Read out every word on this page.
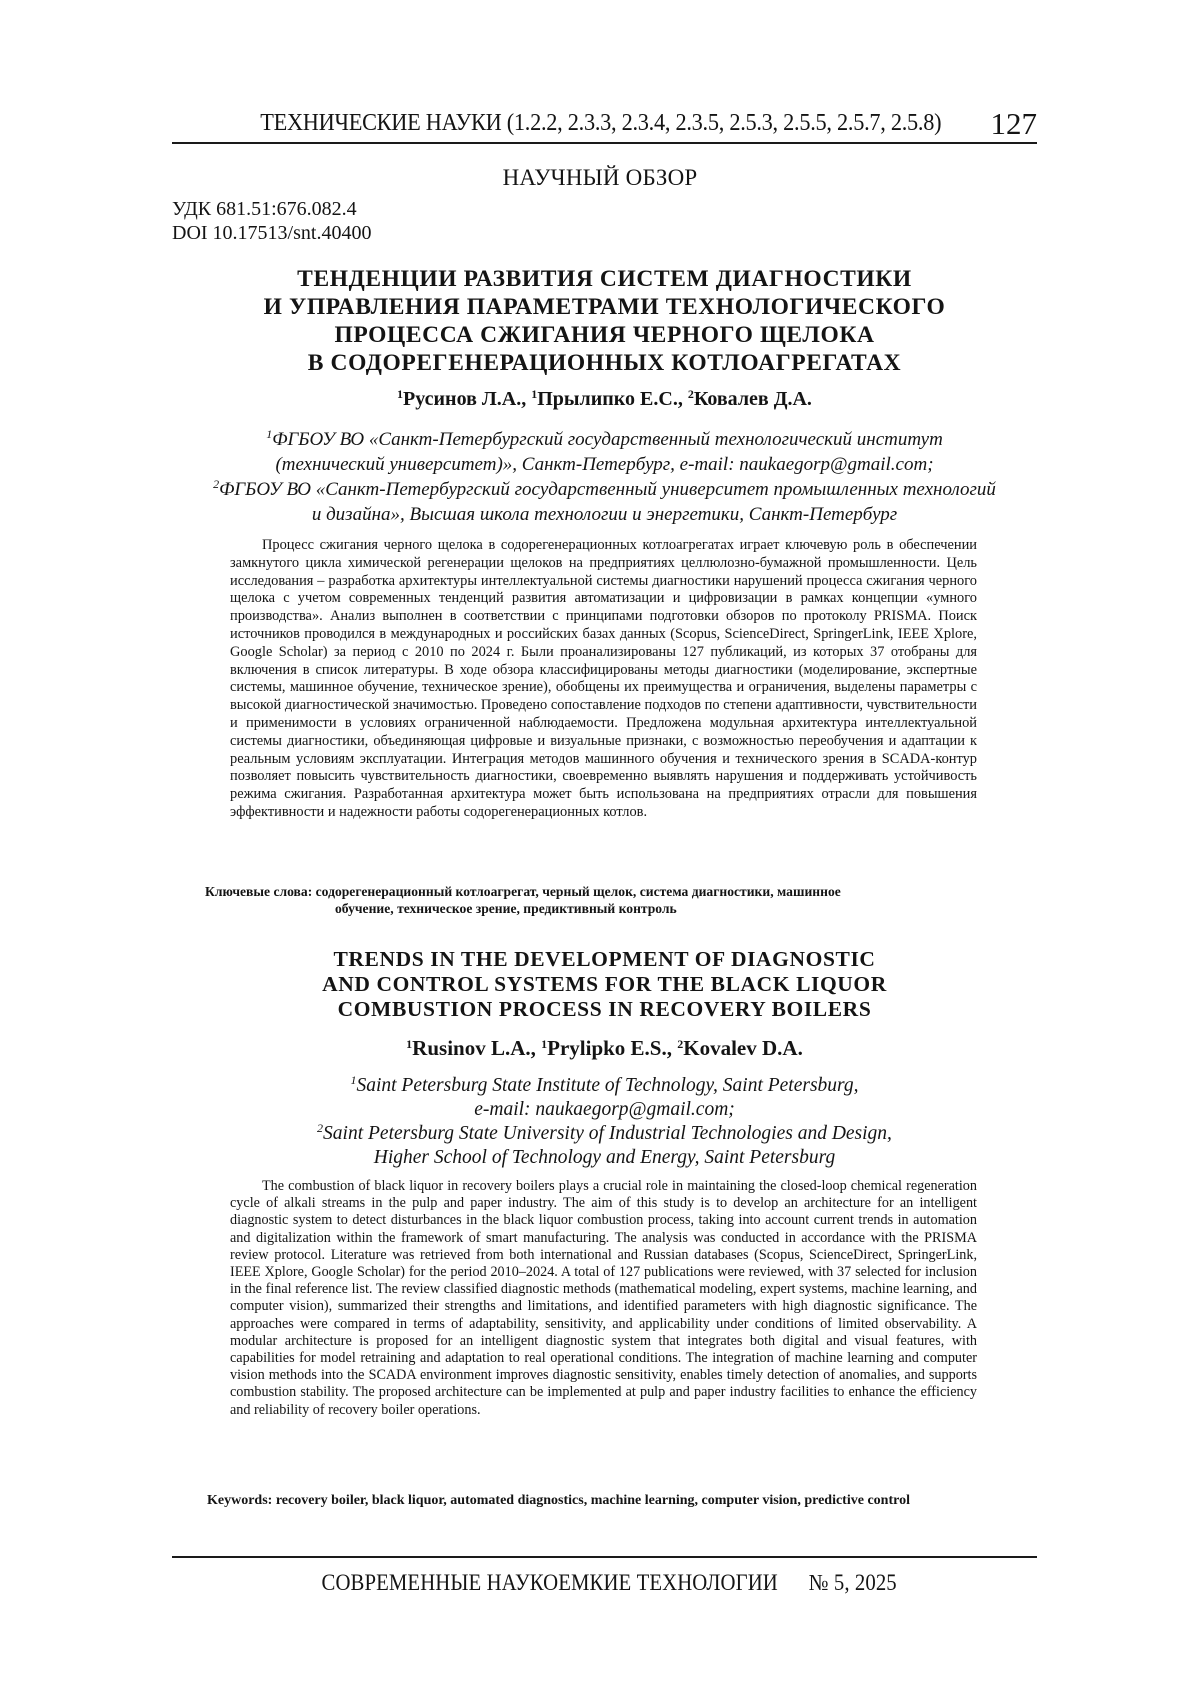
ТЕХНИЧЕСКИЕ НАУКИ (1.2.2, 2.3.3, 2.3.4, 2.3.5, 2.5.3, 2.5.5, 2.5.7, 2.5.8) 127
НАУЧНЫЙ ОБЗОР
УДК 681.51:676.082.4
DOI 10.17513/snt.40400
ТЕНДЕНЦИИ РАЗВИТИЯ СИСТЕМ ДИАГНОСТИКИ
И УПРАВЛЕНИЯ ПАРАМЕТРАМИ ТЕХНОЛОГИЧЕСКОГО
ПРОЦЕССА СЖИГАНИЯ ЧЕРНОГО ЩЕЛОКА
В СОДОРЕГЕНЕРАЦИОННЫХ КОТЛОАГРЕГАТАХ
$^1$Русинов Л.А., $^1$Прылипко Е.С., $^2$Ковалев Д.А.
$^1$ФГБОУ ВО «Санкт-Петербургский государственный технологический институт
(технический университет)», Санкт-Петербург, e-mail: naukaegorp@gmail.com;
$^2$ФГБОУ ВО «Санкт-Петербургский государственный университет промышленных технологий
и дизайна», Высшая школа технологии и энергетики, Санкт-Петербург

Процесс сжигания черного щелока в содорегенерационных котлоагрегатах играет ключевую роль в обеспечении замкнутого цикла химической регенерации щелоков на предприятиях целлюлозно-бумажной промышленности. Цель исследования – разработка архитектуры интеллектуальной системы диагностики нарушений процесса сжигания черного щелока с учетом современных тенденций развития автоматизации и цифровизации в рамках концепции «умного производства». Анализ выполнен в соответствии с принципами подготовки обзоров по протоколу PRISMA. Поиск источников проводился в международных и российских базах данных (Scopus, ScienceDirect, SpringerLink, IEEE Xplore, Google Scholar) за период с 2010 по 2024 г. Были проанализированы 127 публикаций, из которых 37 отобраны для включения в список литературы. В ходе обзора классифицированы методы диагностики (моделирование, экспертные системы, машинное обучение, техническое зрение), обобщены их преимущества и ограничения, выделены параметры с высокой диагностической значимостью. Проведено сопоставление подходов по степени адаптивности, чувствительности и применимости в условиях ограниченной наблюдаемости. Предложена модульная архитектура интеллектуальной системы диагностики, объединяющая цифровые и визуальные признаки, с возможностью переобучения и адаптации к реальным условиям эксплуатации. Интеграция методов машинного обучения и технического зрения в SCADA-контур позволяет повысить чувствительность диагностики, своевременно выявлять нарушения и поддерживать устойчивость режима сжигания. Разработанная архитектура может быть использована на предприятиях отрасли для повышения эффективности и надежности работы содорегенерационных котлов.

Ключевые слова: содорегенерационный котлоагрегат, черный щелок, система диагностики, машинное
обучение, техническое зрение, предиктивный контроль
TRENDS IN THE DEVELOPMENT OF DIAGNOSTIC
AND CONTROL SYSTEMS FOR THE BLACK LIQUOR
COMBUSTION PROCESS IN RECOVERY BOILERS
$^1$Rusinov L.A., $^1$Prylipko E.S., $^2$Kovalev D.A.
$^1$Saint Petersburg State Institute of Technology, Saint Petersburg,
e-mail: naukaegorp@gmail.com;
$^2$Saint Petersburg State University of Industrial Technologies and Design,
Higher School of Technology and Energy, Saint Petersburg

The combustion of black liquor in recovery boilers plays a crucial role in maintaining the closed-loop chemical regeneration cycle of alkali streams in the pulp and paper industry. The aim of this study is to develop an architecture for an intelligent diagnostic system to detect disturbances in the black liquor combustion process, taking into account current trends in automation and digitalization within the framework of smart manufacturing. The analysis was conducted in accordance with the PRISMA review protocol. Literature was retrieved from both international and Russian databases (Scopus, ScienceDirect, SpringerLink, IEEE Xplore, Google Scholar) for the period 2010–2024. A total of 127 publications were reviewed, with 37 selected for inclusion in the final reference list. The review classified diagnostic methods (mathematical modeling, expert systems, machine learning, and computer vision), summarized their strengths and limitations, and identified parameters with high diagnostic significance. The approaches were compared in terms of adaptability, sensitivity, and applicability under conditions of limited observability. A modular architecture is proposed for an intelligent diagnostic system that integrates both digital and visual features, with capabilities for model retraining and adaptation to real operational conditions. The integration of machine learning and computer vision methods into the SCADA environment improves diagnostic sensitivity, enables timely detection of anomalies, and supports combustion stability. The proposed architecture can be implemented at pulp and paper industry facilities to enhance the efficiency and reliability of recovery boiler operations.

Keywords: recovery boiler, black liquor, automated diagnostics, machine learning, computer vision, predictive control
СОВРЕМЕННЫЕ НАУКОЕМКИЕ ТЕХНОЛОГИИ № 5, 2025
